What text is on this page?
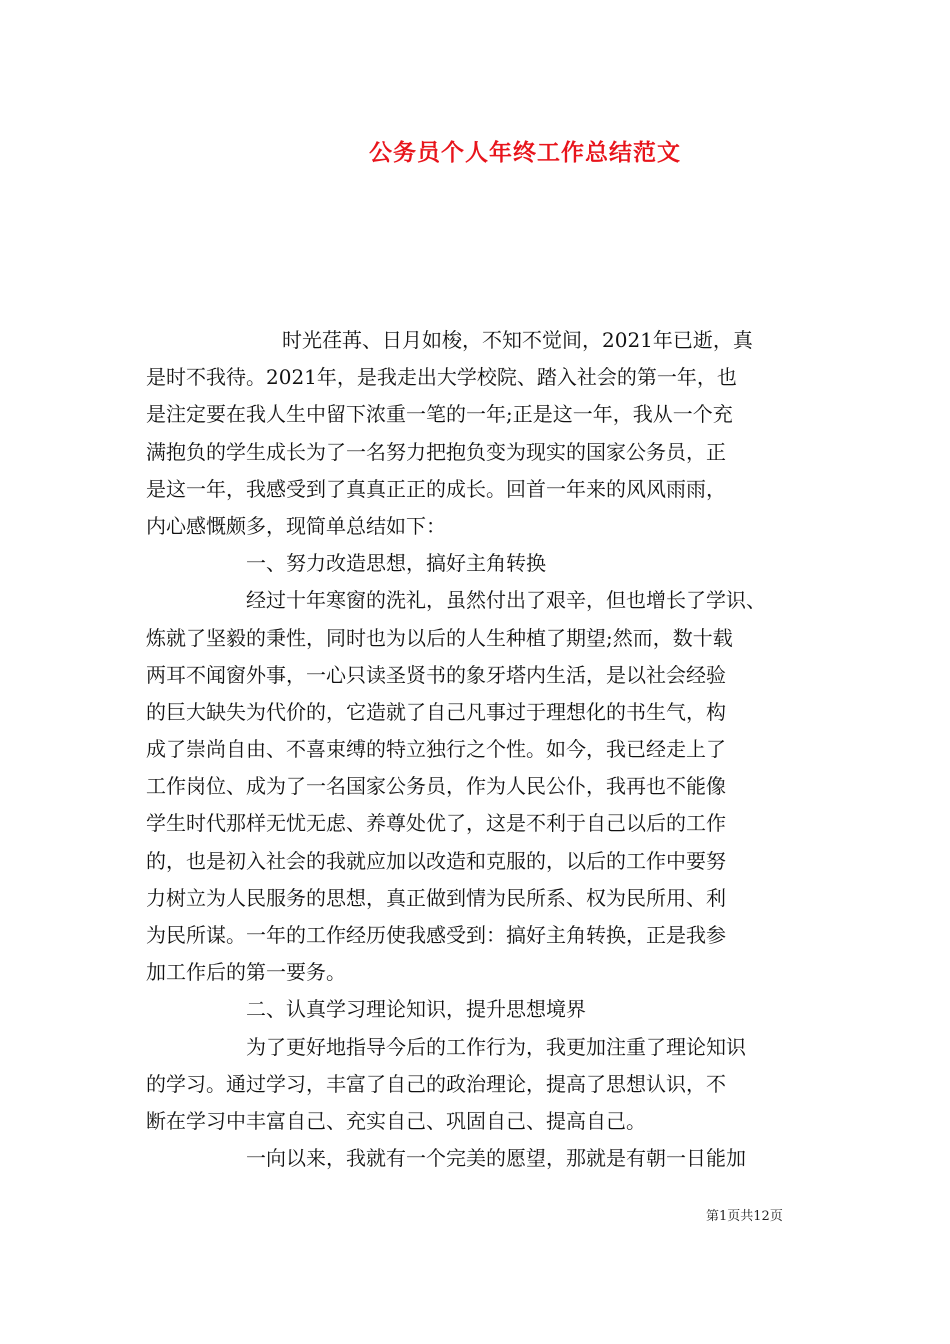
公务员个人年终工作总结范文
时光荏苒、日月如梭，不知不觉间，2021年已逝，真
是时不我待。2021年，是我走出大学校院、踏入社会的第一年，也
是注定要在我人生中留下浓重一笔的一年;正是这一年，我从一个充
满抱负的学生成长为了一名努力把抱负变为现实的国家公务员，正
是这一年，我感受到了真真正正的成长。回首一年来的风风雨雨，
内心感慨颇多，现简单总结如下：
一、努力改造思想，搞好主角转换
经过十年寒窗的洗礼，虽然付出了艰辛，但也增长了学识、
炼就了坚毅的秉性，同时也为以后的人生种植了期望;然而，数十载
两耳不闻窗外事，一心只读圣贤书的象牙塔内生活，是以社会经验
的巨大缺失为代价的，它造就了自己凡事过于理想化的书生气，构
成了崇尚自由、不喜束缚的特立独行之个性。如今，我已经走上了
工作岗位、成为了一名国家公务员，作为人民公仆，我再也不能像
学生时代那样无忧无虑、养尊处优了，这是不利于自己以后的工作
的，也是初入社会的我就应加以改造和克服的，以后的工作中要努
力树立为人民服务的思想，真正做到情为民所系、权为民所用、利
为民所谋。一年的工作经历使我感受到：搞好主角转换，正是我参
加工作后的第一要务。
二、认真学习理论知识，提升思想境界
为了更好地指导今后的工作行为，我更加注重了理论知识
的学习。通过学习，丰富了自己的政治理论，提高了思想认识，不
断在学习中丰富自己、充实自己、巩固自己、提高自己。
一向以来，我就有一个完美的愿望，那就是有朝一日能加
第1页共12页
